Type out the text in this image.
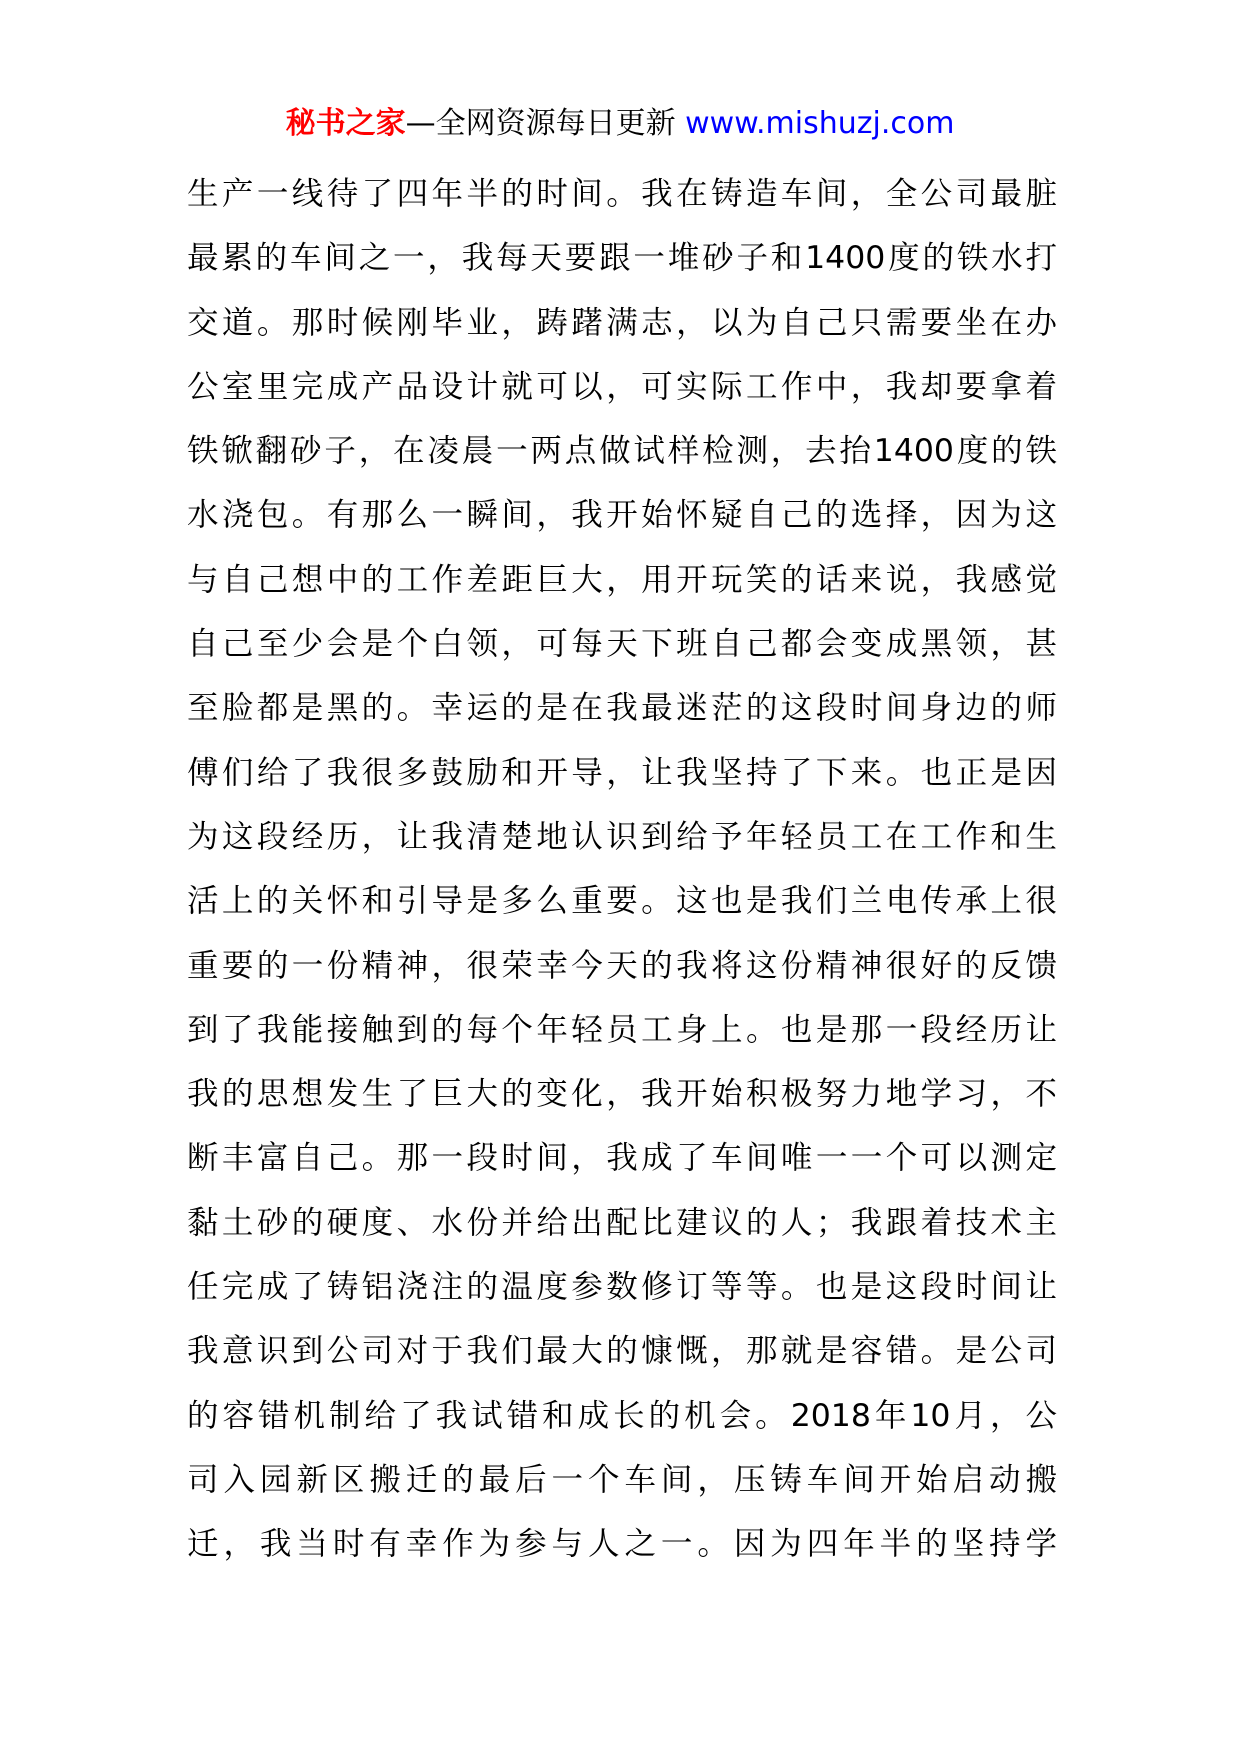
秘书之家—全网资源每日更新 www.mishuzj.com
生产一线待了四年半的时间。我在铸造车间，全公司最脏
最累的车间之一，我每天要跟一堆砂子和1400度的铁水打
交道。那时候刚毕业，踌躇满志，以为自己只需要坐在办
公室里完成产品设计就可以，可实际工作中，我却要拿着
铁锨翻砂子，在凌晨一两点做试样检测，去抬1400度的铁
水浇包。有那么一瞬间，我开始怀疑自己的选择，因为这
与自己想中的工作差距巨大，用开玩笑的话来说，我感觉
自己至少会是个白领，可每天下班自己都会变成黑领，甚
至脸都是黑的。幸运的是在我最迷茫的这段时间身边的师
傅们给了我很多鼓励和开导，让我坚持了下来。也正是因
为这段经历，让我清楚地认识到给予年轻员工在工作和生
活上的关怀和引导是多么重要。这也是我们兰电传承上很
重要的一份精神，很荣幸今天的我将这份精神很好的反馈
到了我能接触到的每个年轻员工身上。也是那一段经历让
我的思想发生了巨大的变化，我开始积极努力地学习，不
断丰富自己。那一段时间，我成了车间唯一一个可以测定
黏土砂的硬度、水份并给出配比建议的人；我跟着技术主
任完成了铸铝浇注的温度参数修订等等。也是这段时间让
我意识到公司对于我们最大的慷慨，那就是容错。是公司
的容错机制给了我试错和成长的机会。2018年10月，公
司入园新区搬迁的最后一个车间，压铸车间开始启动搬
迁，我当时有幸作为参与人之一。因为四年半的坚持学
